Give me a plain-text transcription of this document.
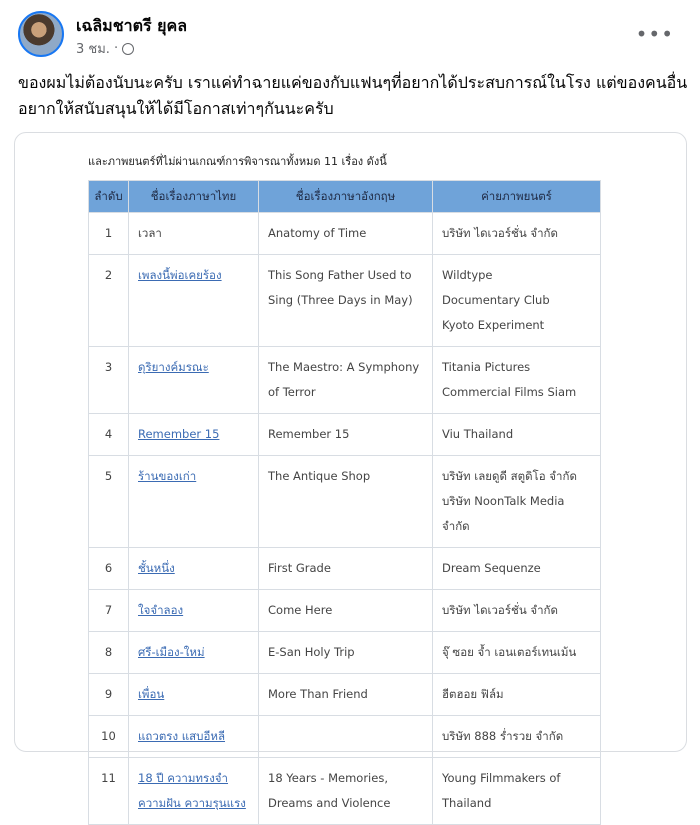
เฉลิมชาตรี ยุคล
3 ชม. ·
•••
ของผมไม่ต้องนับนะครับ เราแค่ทำฉายแค่ของกับแฟนๆที่อยากได้ประสบการณ์ในโรง แต่ของคนอื่นอยากให้สนับสนุนให้ได้มีโอกาสเท่าๆกันนะครับ
และภาพยนตร์ที่ไม่ผ่านเกณฑ์การพิจารณาทั้งหมด 11 เรื่อง ดังนี้
ลำดับ	ชื่อเรื่องภาษาไทย	ชื่อเรื่องภาษาอังกฤษ	ค่ายภาพยนตร์
1	เวลา	Anatomy of Time	บริษัท ไดเวอร์ชั่น จำกัด

2	เพลงนี้พ่อเคยร้อง	This Song Father Used to Sing (Three Days in May)	Wildtype

Documentary Club

Kyoto Experiment

3	ดุริยางค์มรณะ	The Maestro: A Symphony of Terror	Titania Pictures

Commercial Films Siam

4	Remember 15	Remember 15	Viu Thailand

5	ร้านของเก่า	The Antique Shop	บริษัท เลยดูดี สตูดิโอ จำกัด

บริษัท NoonTalk Media จำกัด

6	ชั้นหนึ่ง	First Grade	Dream Sequenze

7	ใจจำลอง	Come Here	บริษัท ไดเวอร์ชั่น จำกัด

8	ศรี-เมือง-ใหม่	E-San Holy Trip	จุ๊ ซอย จ้ำ เอนเตอร์เทนเม้น

9	เพื่อน	More Than Friend	ฮีตฮอย ฟิล์ม

10	แถวตรง แสบอีหลี		บริษัท 888 ร่ำรวย จำกัด

11	18 ปี ความทรงจำ ความฝัน ความรุนแรง	18 Years - Memories, Dreams and Violence	Young Filmmakers of Thailand
